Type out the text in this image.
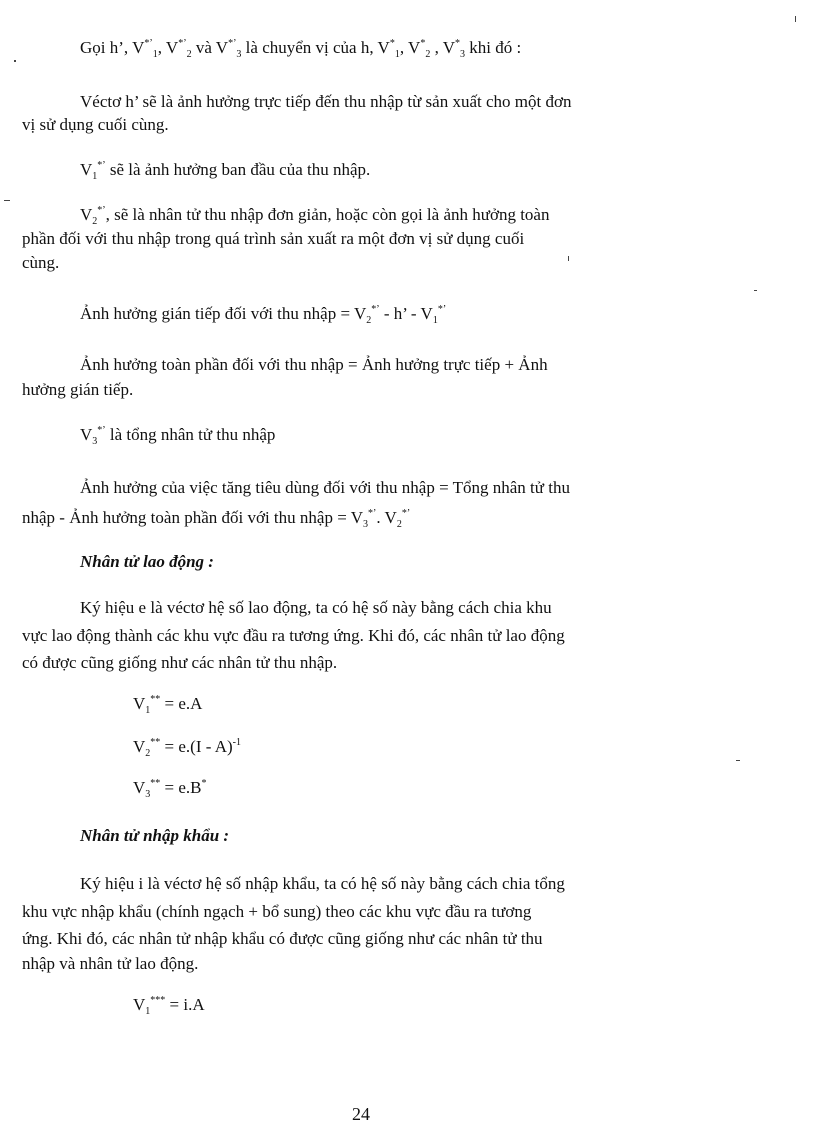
Gọi h’, $V^{*’}_1$, $V^{*’}_2$ và $V^{*’}_3$ là chuyển vị của h, $V^*_1$, $V^*_2$ , $V^*_3$ khi đó :
Véctơ h’ sẽ là ảnh hưởng trực tiếp đến thu nhập từ sản xuất cho một đơn
vị sử dụng cuối cùng.
$V_1^{*’}$ sẽ là ảnh hưởng ban đầu của thu nhập.
$V_2^{*’}$, sẽ là nhân tử thu nhập đơn giản, hoặc còn gọi là ảnh hưởng toàn
phần đối với thu nhập trong quá trình sản xuất ra một đơn vị sử dụng cuối
cùng.
Ảnh hưởng gián tiếp đối với thu nhập = $V_2^{*’}$ - h’ - $V_1^{*’}$
Ảnh hưởng toàn phần đối với thu nhập = Ảnh hưởng trực tiếp + Ảnh
hưởng gián tiếp.
$V_3^{*’}$ là tổng nhân tử thu nhập
Ảnh hưởng của việc tăng tiêu dùng đối với thu nhập = Tổng nhân tử thu
nhập - Ảnh hưởng toàn phần đối với thu nhập = $V_3^{*’}$. $V_2^{*’}$
Nhân tử lao động :
Ký hiệu e là véctơ hệ số lao động, ta có hệ số này bằng cách chia khu
vực lao động thành các khu vực đầu ra tương ứng. Khi đó, các nhân tử lao động
có được cũng giống như các nhân tử thu nhập.
$V_1^{**} = e.A$
$V_2^{**} = e.(I - A)^{-1}$
$V_3^{**} = e.B^*$
Nhân tử nhập khẩu :
Ký hiệu i là véctơ hệ số nhập khẩu, ta có hệ số này bằng cách chia tổng
khu vực nhập khẩu (chính ngạch + bổ sung) theo các khu vực đầu ra tương
ứng. Khi đó, các nhân tử nhập khẩu có được cũng giống như các nhân tử thu
nhập và nhân tử lao động.
$V_1^{***} = i.A$
24
